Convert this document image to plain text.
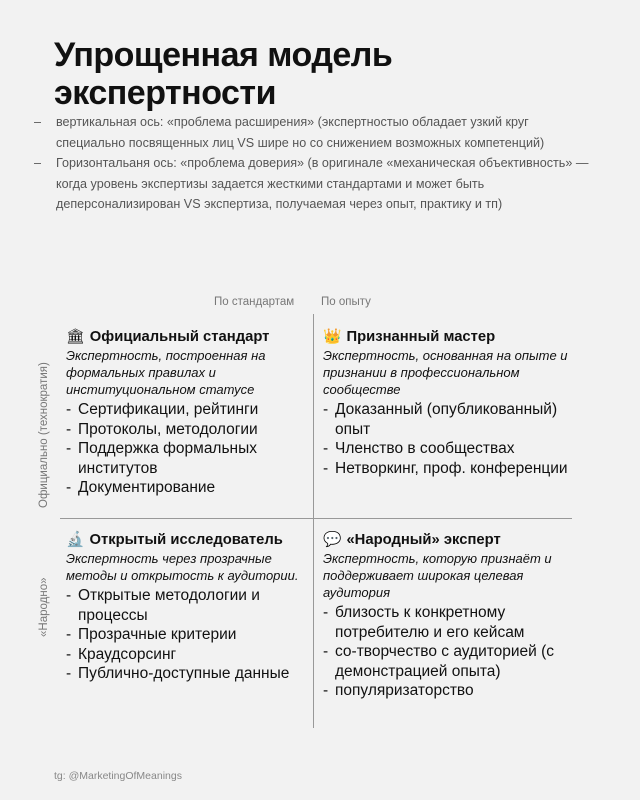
Упрощенная модель
экспертности
– вертикальная ось: «проблема расширения» (экспертностыо обладает узкий круг специально посвященных лиц VS шире но со снижением возможных компетенций)
– Горизонтальаня ось: «проблема доверия» (в оригинале «механическая объективность» — когда уровень экспертизы задается жесткими стандартами и может быть деперсонализирован VS экспертиза, получаемая через опыт, практику и тп)
По стандартам По опыту
Официально (технократия)
«Народно»
🏛 Официальный стандарт
Экспертность, построенная на формальных правилах и институциональном статусе
- Сертификации, рейтинги
- Протоколы, методологии
- Поддержка формальных институтов
- Документирование
👑 Признанный мастер
Экспертность, основанная на опыте и признании в профессиональном сообществе
- Доказанный (опубликованный) опыт
- Членство в сообществах
- Нетворкинг, проф. конференции
🔬 Открытый исследователь
Экспертность через прозрачные методы и открытость к аудитории.
- Открытые методологии и процессы
- Прозрачные критерии
- Краудсорсинг
- Публично-доступные данные
💬 «Народный» эксперт
Экспертность, которую признаёт и поддерживает широкая целевая аудитория
- близость к конкретному потребителю и его кейсам
- со-творчество с аудиторией (с демонстрацией опыта)
- популяризаторство
tg: @MarketingOfMeanings
